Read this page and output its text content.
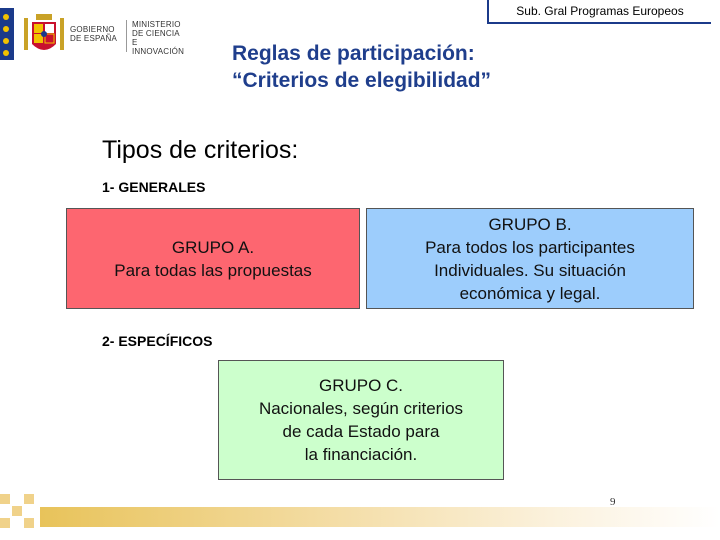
GOBIERNO
DE ESPAÑA
MINISTERIO
DE CIENCIA
E INNOVACIÓN
Sub. Gral Programas Europeos
Reglas de participación:
“Criterios de elegibilidad”
Tipos de criterios:
1- GENERALES
GRUPO A.
Para todas las propuestas
GRUPO B.
Para todos los participantes
Individuales. Su situación
económica y legal.
2- ESPECÍFICOS
GRUPO C.
Nacionales, según criterios
de cada Estado para
la financiación.
9
